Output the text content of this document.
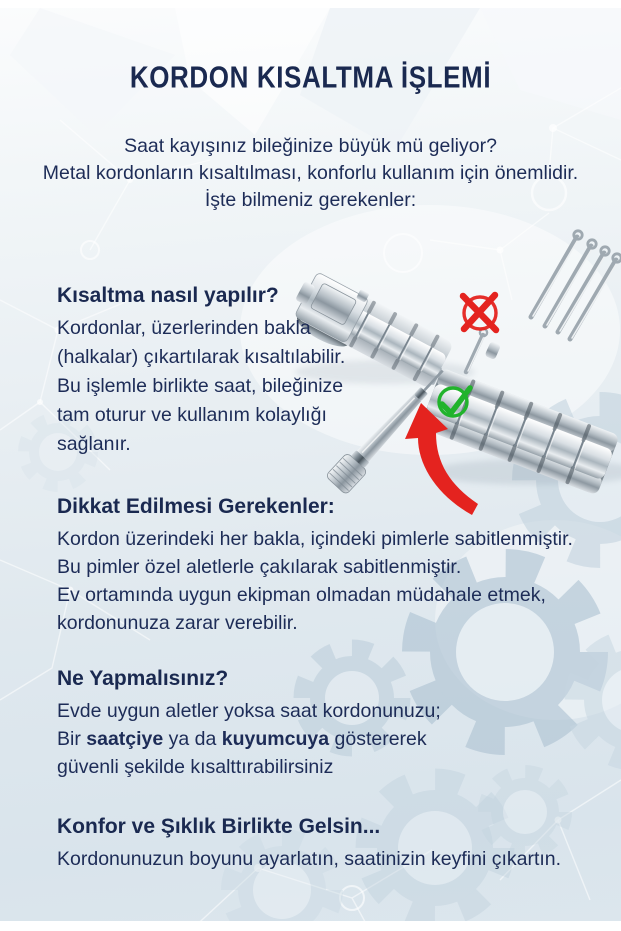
KORDON KISALTMA İŞLEMİ
Saat kayışınız bileğinize büyük mü geliyor?
Metal kordonların kısaltılması, konforlu kullanım için önemlidir.
İşte bilmeniz gerekenler:
Kısaltma nasıl yapılır?
Kordonlar, üzerlerinden bakla
(halkalar) çıkartılarak kısaltılabilir.
Bu işlemle birlikte saat, bileğinize
tam oturur ve kullanım kolaylığı
sağlanır.
Dikkat Edilmesi Gerekenler:
Kordon üzerindeki her bakla, içindeki pimlerle sabitlenmiştir.
Bu pimler özel aletlerle çakılarak sabitlenmiştir.
Ev ortamında uygun ekipman olmadan müdahale etmek,
kordonunuza zarar verebilir.
Ne Yapmalısınız?
Evde uygun aletler yoksa saat kordonunuzu;
Bir saatçiye ya da kuyumcuya göstererek
güvenli şekilde kısalttırabilirsiniz
Konfor ve Şıklık Birlikte Gelsin...
Kordonunuzun boyunu ayarlatın, saatinizin keyfini çıkartın.
